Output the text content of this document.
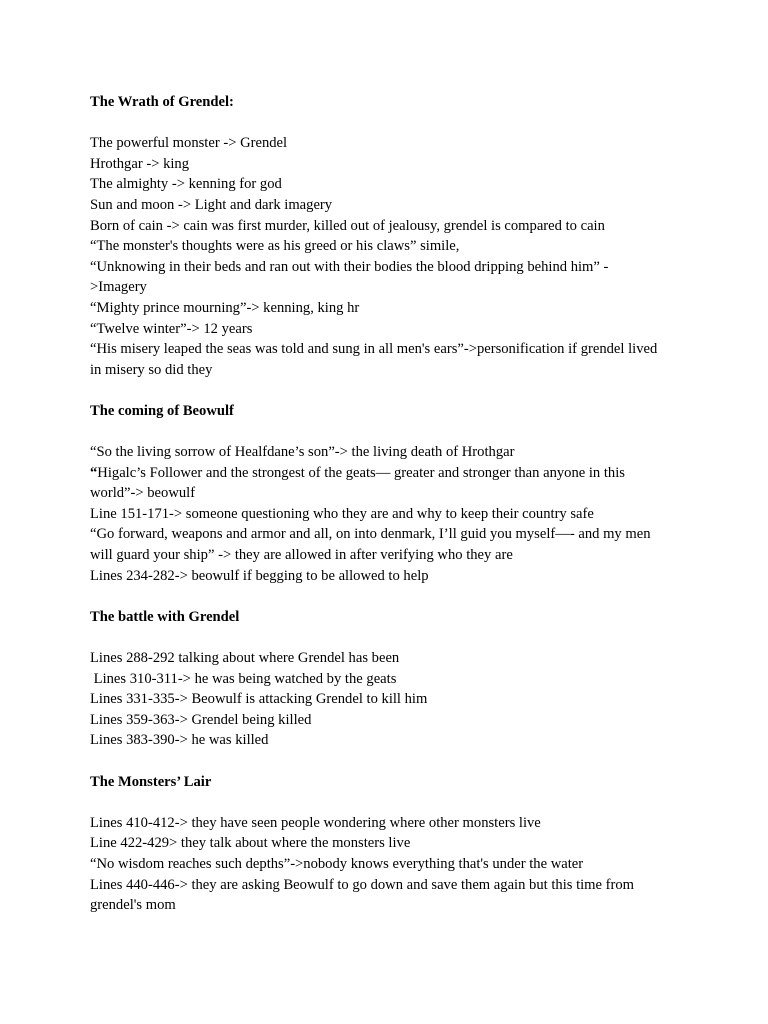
The Wrath of Grendel:

The powerful monster -> Grendel

Hrothgar -> king

The almighty -> kenning for god

Sun and moon -> Light and dark imagery

Born of cain -> cain was first murder, killed out of jealousy, grendel is compared to cain

“The monster's thoughts were as his greed or his claws” simile,

“Unknowing in their beds and ran out with their bodies the blood dripping behind him” -

>Imagery

“Mighty prince mourning”-> kenning, king hr

“Twelve winter”-> 12 years

“His misery leaped the seas was told and sung in all men's ears”->personification if grendel lived

in misery so did they

The coming of Beowulf

“So the living sorrow of Healfdane’s son”-> the living death of Hrothgar

“Higalc’s Follower and the strongest of the geats— greater and stronger than anyone in this

world”-> beowulf

Line 151-171-> someone questioning who they are and why to keep their country safe

“Go forward, weapons and armor and all, on into denmark, I’ll guid you myself—- and my men

will guard your ship” -> they are allowed in after verifying who they are

Lines 234-282-> beowulf if begging to be allowed to help

The battle with Grendel

Lines 288-292 talking about where Grendel has been

Lines 310-311-> he was being watched by the geats

Lines 331-335-> Beowulf is attacking Grendel to kill him

Lines 359-363-> Grendel being killed

Lines 383-390-> he was killed

The Monsters’ Lair

Lines 410-412-> they have seen people wondering where other monsters live

Line 422-429> they talk about where the monsters live

“No wisdom reaches such depths”->nobody knows everything that's under the water

Lines 440-446-> they are asking Beowulf to go down and save them again but this time from

grendel's mom
